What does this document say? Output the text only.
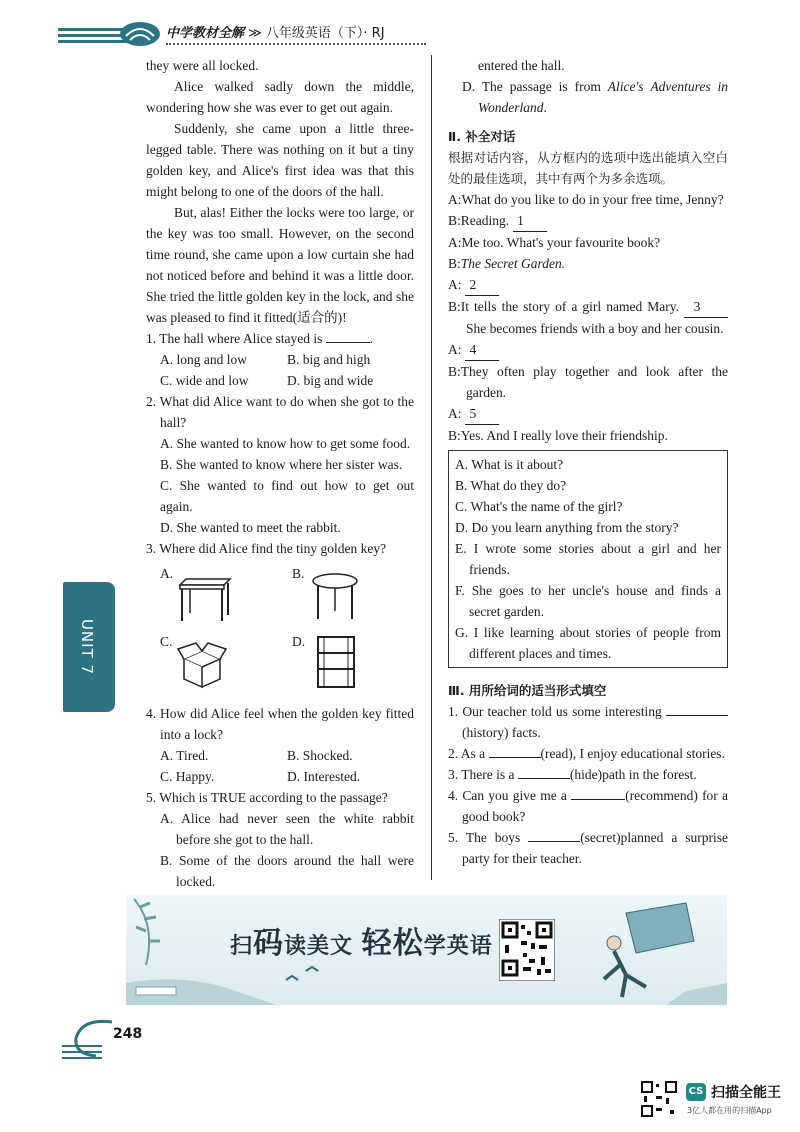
中学教材全解 ≫ 八年级英语（下）· RJ
UNIT 7

they were all locked.

Alice walked sadly down the middle, wondering how she was ever to get out again.

Suddenly, she came upon a little three-legged table. There was nothing on it but a tiny golden key, and Alice's first idea was that this might belong to one of the doors of the hall.

But, alas! Either the locks were too large, or the key was too small. However, on the second time round, she came upon a low curtain she had not noticed before and behind it was a little door. She tried the little golden key in the lock, and she was pleased to find it fitted(适合的)!

1. The hall where Alice stayed is	.

A. long and low	B. big and high
C. wide and low	D. big and wide

2. What did Alice want to do when she got to the hall?

A. She wanted to know how to get some food.

B. She wanted to know where her sister was.

C. She wanted to find out how to get out again.

D. She wanted to meet the rabbit.

3. Where did Alice find the tiny golden key?

A.	B.
C.	D.

4. How did Alice feel when the golden key fitted into a lock?

A. Tired.	B. Shocked.
C. Happy.	D. Interested.

5. Which is TRUE according to the passage?

A. Alice had never seen the white rabbit before she got to the hall.

B. Some of the doors around the hall were locked.

entered the hall.

D. The passage is from Alice's Adventures in Wonderland.

Ⅱ. 补全对话

根据对话内容，从方框内的选项中选出能填入空白处的最佳选项，其中有两个为多余选项。

A:What do you like to do in your free time, Jenny?

B:Reading. 1

A:Me too. What's your favourite book?

B:The Secret Garden.

A: 2

B:It tells the story of a girl named Mary. 3 She becomes friends with a boy and her cousin.

A: 4

B:They often play together and look after the garden.

A: 5

B:Yes. And I really love their friendship.

A. What is it about?

B. What do they do?

C. What's the name of the girl?

D. Do you learn anything from the story?

E. I wrote some stories about a girl and her friends.

F. She goes to her uncle's house and finds a secret garden.

G. I like learning about stories of people from different places and times.

Ⅲ. 用所给词的适当形式填空

1. Our teacher told us some interesting  (history) facts.

2. As a	(read), I enjoy educational stories.

3. There is a	(hide)path in the forest.

4. Can you give me a	(recommend) for a good book?

5. The boys	(secret)planned a surprise party for their teacher.

扫码读美文 轻松学英语
248
CS 扫描全能王
3亿人都在用的扫描App
